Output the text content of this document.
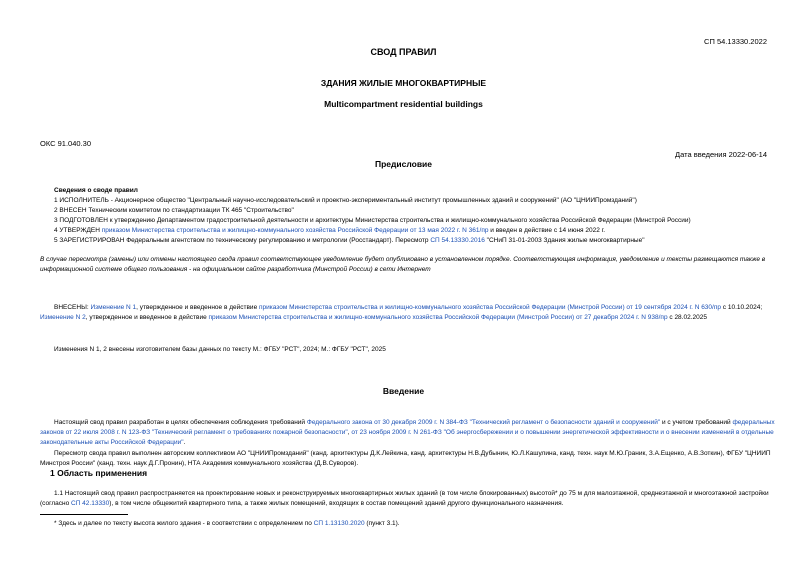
СП 54.13330.2022
СВОД ПРАВИЛ
ЗДАНИЯ ЖИЛЫЕ МНОГОКВАРТИРНЫЕ
Multicompartment residential buildings
ОКС 91.040.30
Дата введения 2022-06-14
Предисловие
Сведения о своде правил
1 ИСПОЛНИТЕЛЬ - Акционерное общество "Центральный научно-исследовательский и проектно-экспериментальный институт промышленных зданий и сооружений" (АО "ЦНИИПромзданий")
2 ВНЕСЕН Техническим комитетом по стандартизации ТК 465 "Строительство"
3 ПОДГОТОВЛЕН к утверждению Департаментом градостроительной деятельности и архитектуры Министерства строительства и жилищно-коммунального хозяйства Российской Федерации (Минстрой России)
4 УТВЕРЖДЕН приказом Министерства строительства и жилищно-коммунального хозяйства Российской Федерации от 13 мая 2022 г. N 361/пр и введен в действие с 14 июня 2022 г.
5 ЗАРЕГИСТРИРОВАН Федеральным агентством по техническому регулированию и метрологии (Росстандарт). Пересмотр СП 54.13330.2016 "СНиП 31-01-2003 Здания жилые многоквартирные"
В случае пересмотра (замены) или отмены настоящего свода правил соответствующее уведомление будет опубликовано в установленном порядке. Соответствующая информация, уведомление и тексты размещаются также в информационной системе общего пользования - на официальном сайте разработчика (Минстрой России) в сети Интернет
ВНЕСЕНЫ: Изменение N 1, утвержденное и введенное в действие приказом Министерства строительства и жилищно-коммунального хозяйства Российской Федерации (Минстрой России) от 19 сентября 2024 г. N 630/пр с 10.10.2024; Изменение N 2, утвержденное и введенное в действие приказом Министерства строительства и жилищно-коммунального хозяйства Российской Федерации (Минстрой России) от 27 декабря 2024 г. N 938/пр с 28.02.2025
Изменения N 1, 2 внесены изготовителем базы данных по тексту М.: ФГБУ "РСТ", 2024; М.: ФГБУ "РСТ", 2025
Введение
Настоящий свод правил разработан в целях обеспечения соблюдения требований Федерального закона от 30 декабря 2009 г. N 384-ФЗ "Технический регламент о безопасности зданий и сооружений" и с учетом требований федеральных законов от 22 июля 2008 г. N 123-ФЗ "Технический регламент о требованиях пожарной безопасности", от 23 ноября 2009 г. N 261-ФЗ "Об энергосбережении и о повышении энергетической эффективности и о внесении изменений в отдельные законодательные акты Российской Федерации".
Пересмотр свода правил выполнен авторским коллективом АО "ЦНИИПромзданий" (канд. архитектуры Д.К.Лейкина, канд. архитектуры Н.В.Дубынин, Ю.Л.Кашулина, канд. техн. наук М.Ю.Граник, З.А.Ещенко, А.В.Зоткин), ФГБУ "ЦНИИП Минстроя России" (канд. техн. наук Д.Г.Пронин), НТА Академия коммунального хозяйства (Д.В.Суворов).
1 Область применения
1.1 Настоящий свод правил распространяется на проектирование новых и реконструируемых многоквартирных жилых зданий (в том числе блокированных) высотой* до 75 м для малоэтажной, среднеэтажной и многоэтажной застройки (согласно СП 42.13330), в том числе общежитий квартирного типа, а также жилых помещений, входящих в состав помещений зданий другого функционального назначения.
* Здесь и далее по тексту высота жилого здания - в соответствии с определением по СП 1.13130.2020 (пункт 3.1).
